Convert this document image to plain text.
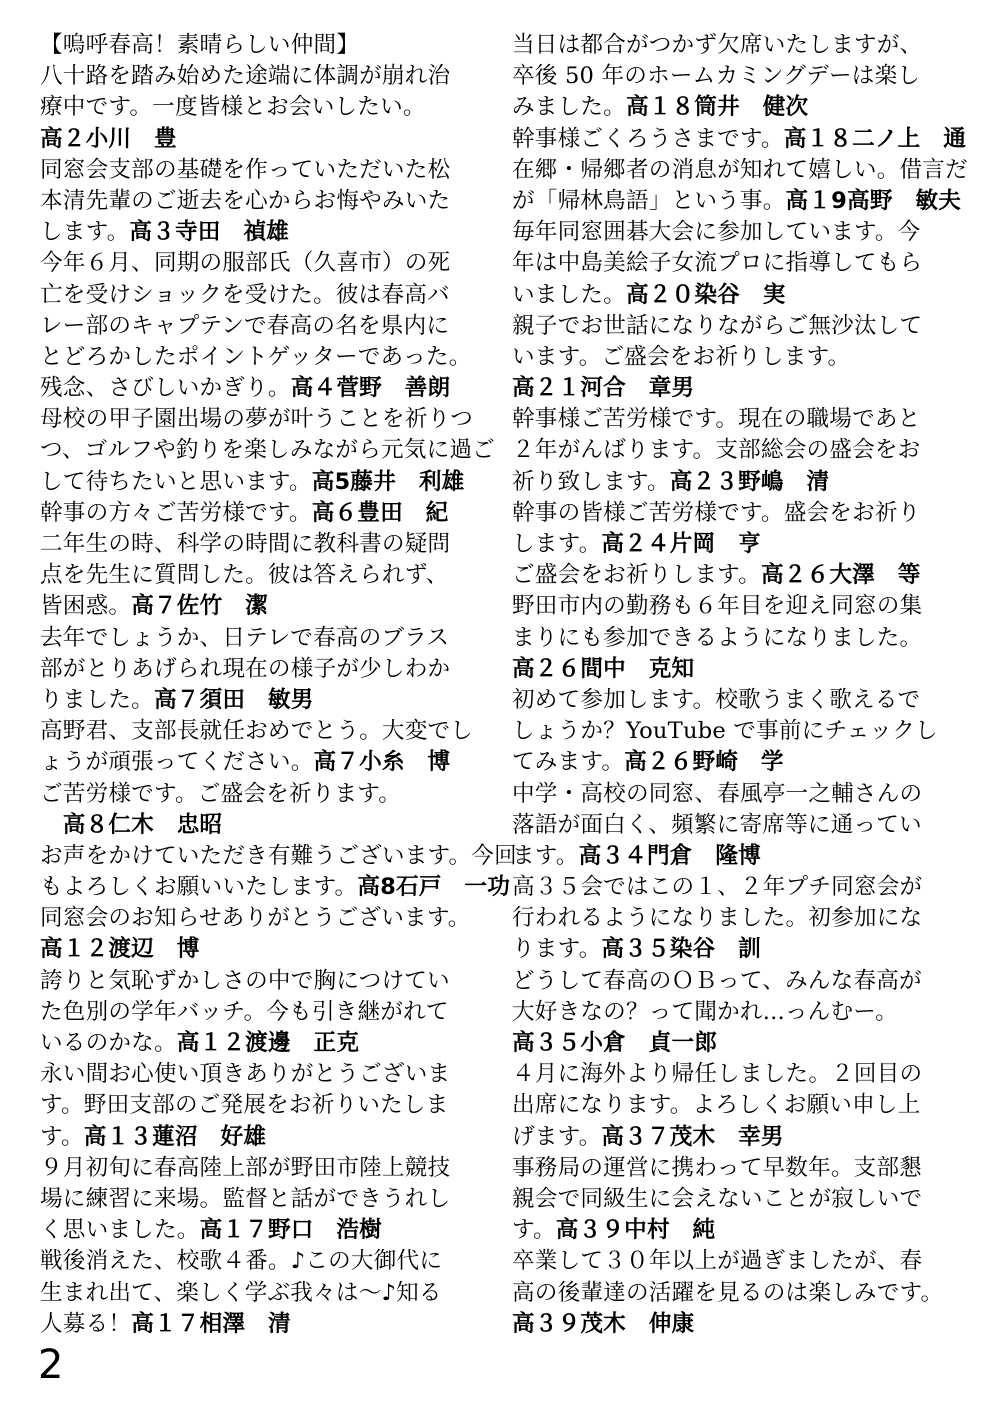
【嗚呼春高！素晴らしい仲間】
八十路を踏み始めた途端に体調が崩れ治
療中です。一度皆様とお会いしたい。
高２小川　豊
同窓会支部の基礎を作っていただいた松
本清先輩のご逝去を心からお悔やみいた
します。高３寺田　禎雄
今年６月、同期の服部氏（久喜市）の死
亡を受けショックを受けた。彼は春高バ
レー部のキャプテンで春高の名を県内に
とどろかしたポイントゲッターであった。
残念、さびしいかぎり。高４菅野　善朗
母校の甲子園出場の夢が叶うことを祈りつ
つ、ゴルフや釣りを楽しみながら元気に過ご
して待ちたいと思います。高5藤井　利雄
幹事の方々ご苦労様です。高６豊田　紀
二年生の時、科学の時間に教科書の疑問
点を先生に質問した。彼は答えられず、
皆困惑。高７佐竹　潔
去年でしょうか、日テレで春高のブラス
部がとりあげられ現在の様子が少しわか
りました。高７須田　敏男
高野君、支部長就任おめでとう。大変でし
ょうが頑張ってください。高７小糸　博
ご苦労様です。ご盛会を祈ります。
　高８仁木　忠昭
お声をかけていただき有難うございます。今回
もよろしくお願いいたします。高8石戸　一功
同窓会のお知らせありがとうございます。
高１２渡辺　博
誇りと気恥ずかしさの中で胸につけてい
た色別の学年バッチ。今も引き継がれて
いるのかな。高１２渡邊　正克
永い間お心使い頂きありがとうございま
す。野田支部のご発展をお祈りいたしま
す。高１３蓮沼　好雄
９月初旬に春高陸上部が野田市陸上競技
場に練習に来場。監督と話ができうれし
く思いました。高１７野口　浩樹
戦後消えた、校歌４番。♪この大御代に
生まれ出て、楽しく学ぶ我々は～♪知る
人募る！高１７相澤　清
当日は都合がつかず欠席いたしますが、
卒後 50 年のホームカミングデーは楽し
みました。高１８筒井　健次
幹事様ごくろうさまです。高１８二ノ上　通
在郷・帰郷者の消息が知れて嬉しい。借言だ
が「帰林鳥語」という事。高１9高野　敏夫
毎年同窓囲碁大会に参加しています。今
年は中島美絵子女流プロに指導してもら
いました。高２０染谷　実
親子でお世話になりながらご無沙汰して
います。ご盛会をお祈りします。
高２１河合　章男
幹事様ご苦労様です。現在の職場であと
２年がんばります。支部総会の盛会をお
祈り致します。高２３野嶋　清
幹事の皆様ご苦労様です。盛会をお祈り
します。高２４片岡　亨
ご盛会をお祈りします。高２６大澤　等
野田市内の勤務も６年目を迎え同窓の集
まりにも参加できるようになりました。
高２６間中　克知
初めて参加します。校歌うまく歌えるで
しょうか？YouTube で事前にチェックし
てみます。高２６野崎　学
中学・高校の同窓、春風亭一之輔さんの
落語が面白く、頻繁に寄席等に通ってい
ます。高３４門倉　隆博
高３５会ではこの１、２年プチ同窓会が
行われるようになりました。初参加にな
ります。高３５染谷　訓
どうして春高のＯＢって、みんな春高が
大好きなの？って聞かれ...っんむー。
高３５小倉　貞一郎
４月に海外より帰任しました。２回目の
出席になります。よろしくお願い申し上
げます。高３７茂木　幸男
事務局の運営に携わって早数年。支部懇
親会で同級生に会えないことが寂しいで
す。高３９中村　純
卒業して３０年以上が過ぎましたが、春
高の後輩達の活躍を見るのは楽しみです。
高３９茂木　伸康
2
